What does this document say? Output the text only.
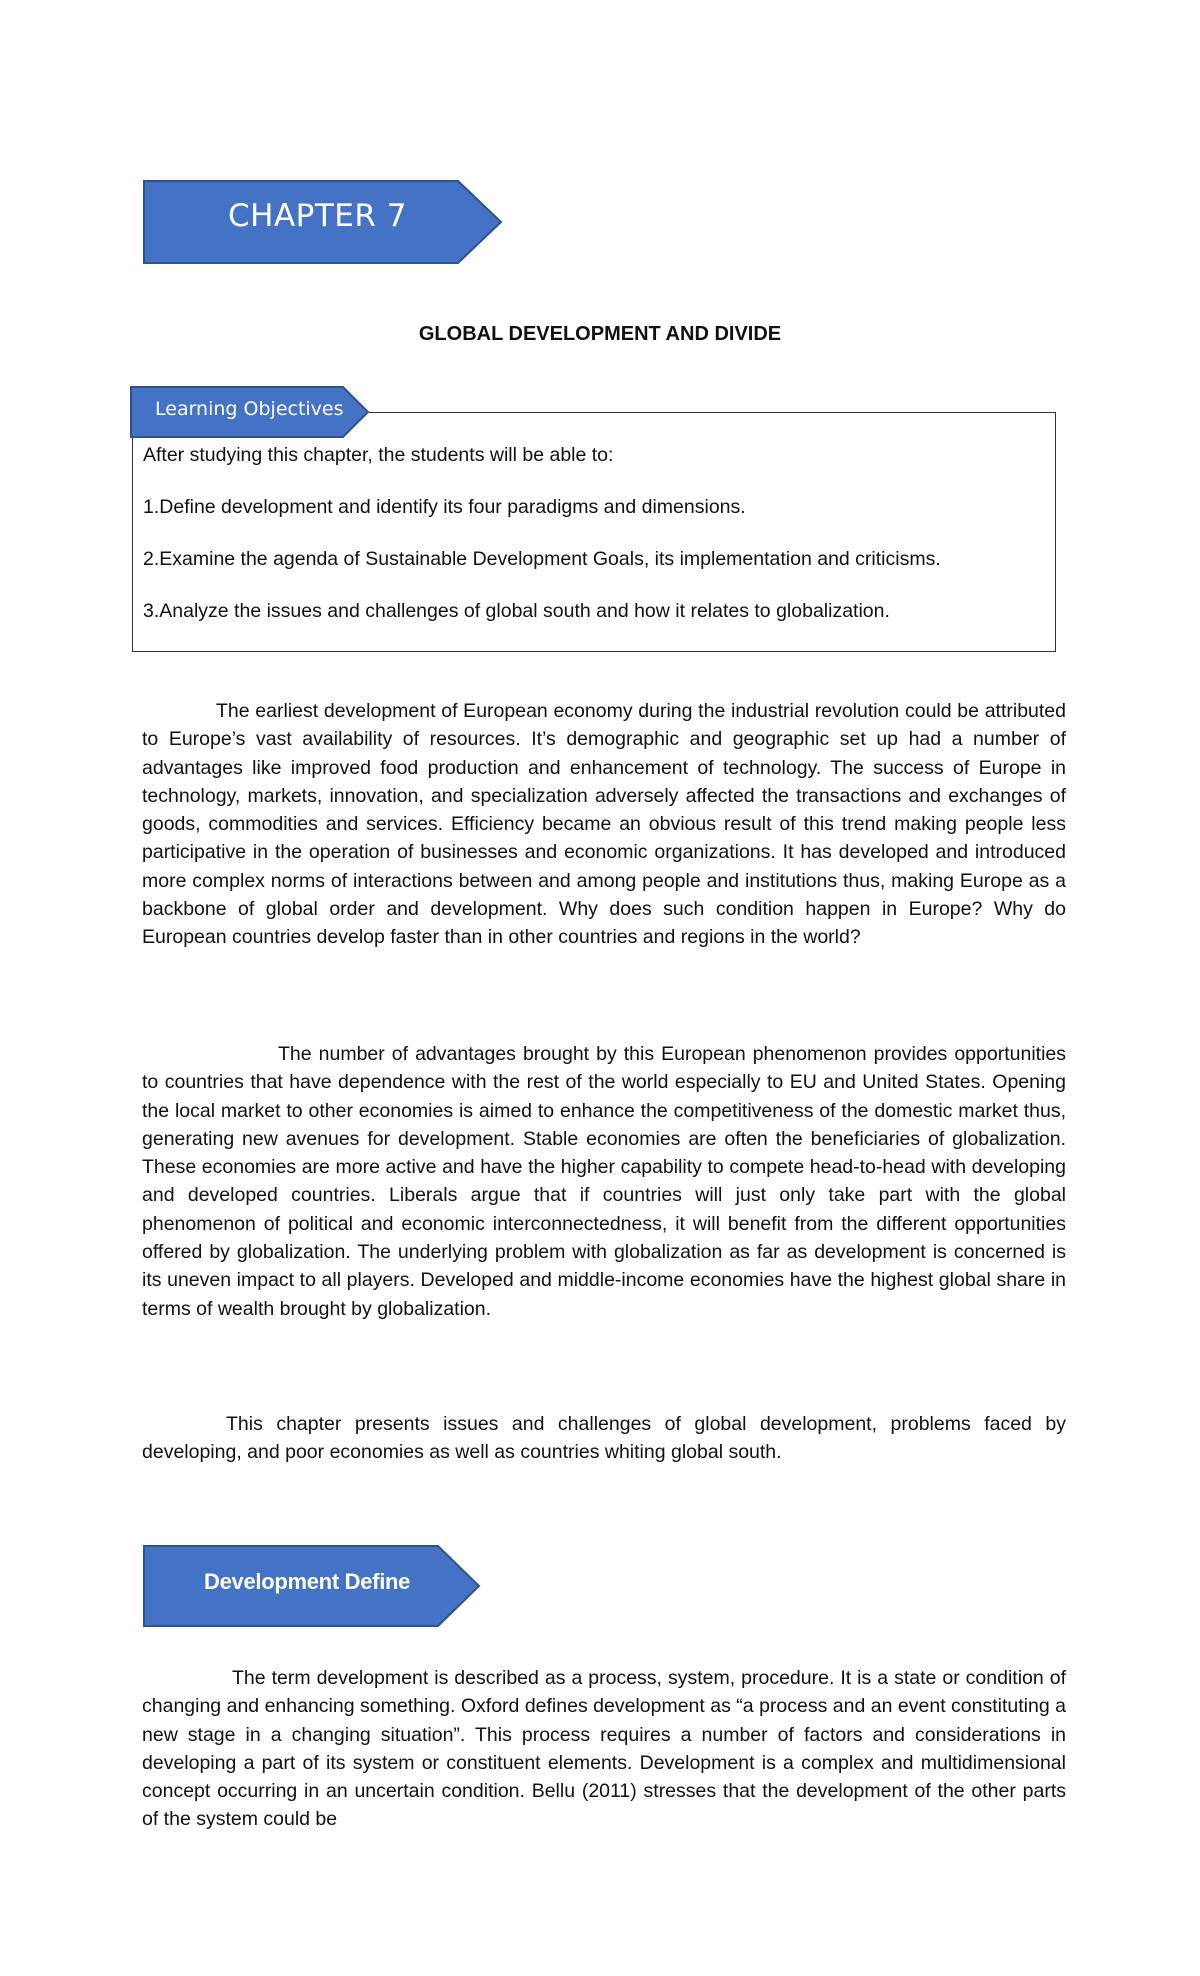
CHAPTER 7
GLOBAL DEVELOPMENT AND DIVIDE

After studying this chapter, the students will be able to:

1.Define development and identify its four paradigms and dimensions.

2.Examine the agenda of Sustainable Development Goals, its implementation and criticisms.

3.Analyze the issues and challenges of global south and how it relates to globalization.

Learning Objectives

The earliest development of European economy during the industrial revolution could be attributed to Europe’s vast availability of resources. It’s demographic and geographic set up had a number of advantages like improved food production and enhancement of technology. The success of Europe in technology, markets, innovation, and specialization adversely affected the transactions and exchanges of goods, commodities and services. Efficiency became an obvious result of this trend making people less participative in the operation of businesses and economic organizations. It has developed and introduced more complex norms of interactions between and among people and institutions thus, making Europe as a backbone of global order and development. Why does such condition happen in Europe? Why do European countries develop faster than in other countries and regions in the world?

The number of advantages brought by this European phenomenon provides opportunities to countries that have dependence with the rest of the world especially to EU and United States. Opening the local market to other economies is aimed to enhance the competitiveness of the domestic market thus, generating new avenues for development. Stable economies are often the beneficiaries of globalization. These economies are more active and have the higher capability to compete head-to-head with developing and developed countries. Liberals argue that if countries will just only take part with the global phenomenon of political and economic interconnectedness, it will benefit from the different opportunities offered by globalization. The underlying problem with globalization as far as development is concerned is its uneven impact to all players. Developed and middle-income economies have the highest global share in terms of wealth brought by globalization.

This chapter presents issues and challenges of global development, problems faced by developing, and poor economies as well as countries whiting global south.

Development Define

The term development is described as a process, system, procedure. It is a state or condition of changing and enhancing something. Oxford defines development as “a process and an event constituting a new stage in a changing situation”. This process requires a number of factors and considerations in developing a part of its system or constituent elements. Development is a complex and multidimensional concept occurring in an uncertain condition. Bellu (2011) stresses that the development of the other parts of the system could be
